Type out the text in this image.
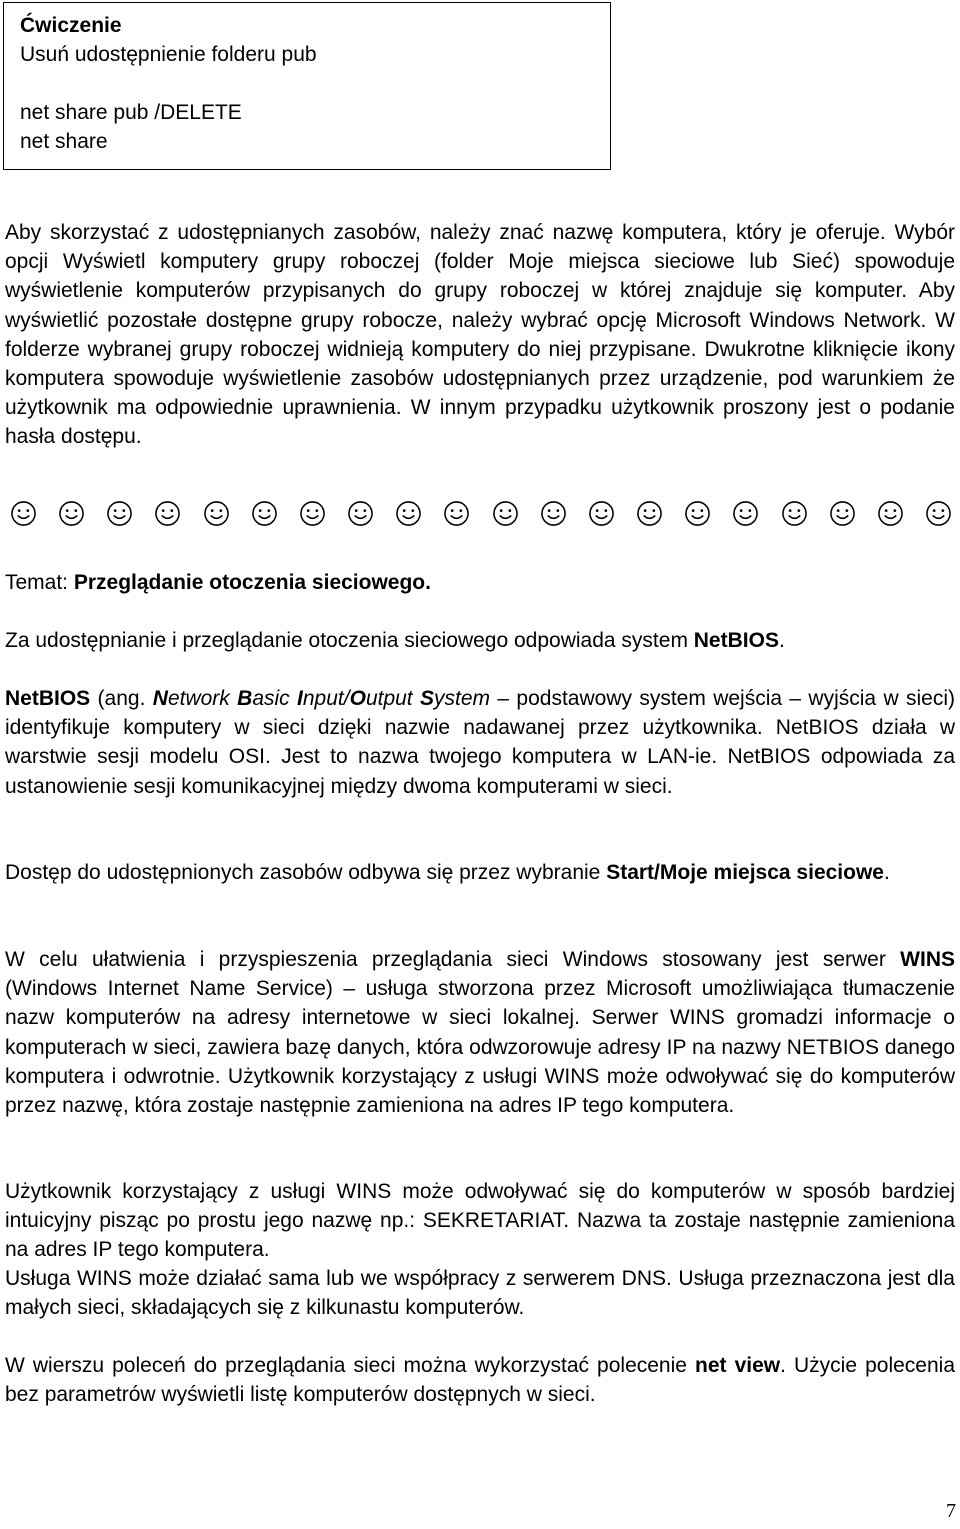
Ćwiczenie
Usuń udostępnienie folderu pub
net share pub /DELETE
net share

Aby skorzystać z udostępnianych zasobów, należy znać nazwę komputera, który je oferuje. Wybór opcji Wyświetl komputery grupy roboczej (folder Moje miejsca sieciowe lub Sieć) spowoduje wyświetlenie komputerów przypisanych do grupy roboczej w której znajduje się komputer. Aby wyświetlić pozostałe dostępne grupy robocze, należy wybrać opcję Microsoft Windows Network. W folderze wybranej grupy roboczej widnieją komputery do niej przypisane. Dwukrotne kliknięcie ikony komputera spowoduje wyświetlenie zasobów udostępnianych przez urządzenie, pod warunkiem że użytkownik ma odpowiednie uprawnienia. W innym przypadku użytkownik proszony jest o podanie hasła dostępu.

Temat: Przeglądanie otoczenia sieciowego.

Za udostępnianie i przeglądanie otoczenia sieciowego odpowiada system NetBIOS.

NetBIOS (ang. Network Basic Input/Output System – podstawowy system wejścia – wyjścia w sieci) identyfikuje komputery w sieci dzięki nazwie nadawanej przez użytkownika. NetBIOS działa w warstwie sesji modelu OSI. Jest to nazwa twojego komputera w LAN-ie. NetBIOS odpowiada za ustanowienie sesji komunikacyjnej między dwoma komputerami w sieci.

Dostęp do udostępnionych zasobów odbywa się przez wybranie Start/Moje miejsca sieciowe.

W celu ułatwienia i przyspieszenia przeglądania sieci Windows stosowany jest serwer WINS (Windows Internet Name Service) – usługa stworzona przez Microsoft umożliwiająca tłumaczenie nazw komputerów na adresy internetowe w sieci lokalnej. Serwer WINS gromadzi informacje o komputerach w sieci, zawiera bazę danych, która odwzorowuje adresy IP na nazwy NETBIOS danego komputera i odwrotnie. Użytkownik korzystający z usługi WINS może odwoływać się do komputerów przez nazwę, która zostaje następnie zamieniona na adres IP tego komputera.

Użytkownik korzystający z usługi WINS może odwoływać się do komputerów w sposób bardziej intuicyjny pisząc po prostu jego nazwę np.: SEKRETARIAT. Nazwa ta zostaje następnie zamieniona na adres IP tego komputera.

Usługa WINS może działać sama lub we współpracy z serwerem DNS. Usługa przeznaczona jest dla małych sieci, składających się z kilkunastu komputerów.

W wierszu poleceń do przeglądania sieci można wykorzystać polecenie net view. Użycie polecenia bez parametrów wyświetli listę komputerów dostępnych w sieci.

7
